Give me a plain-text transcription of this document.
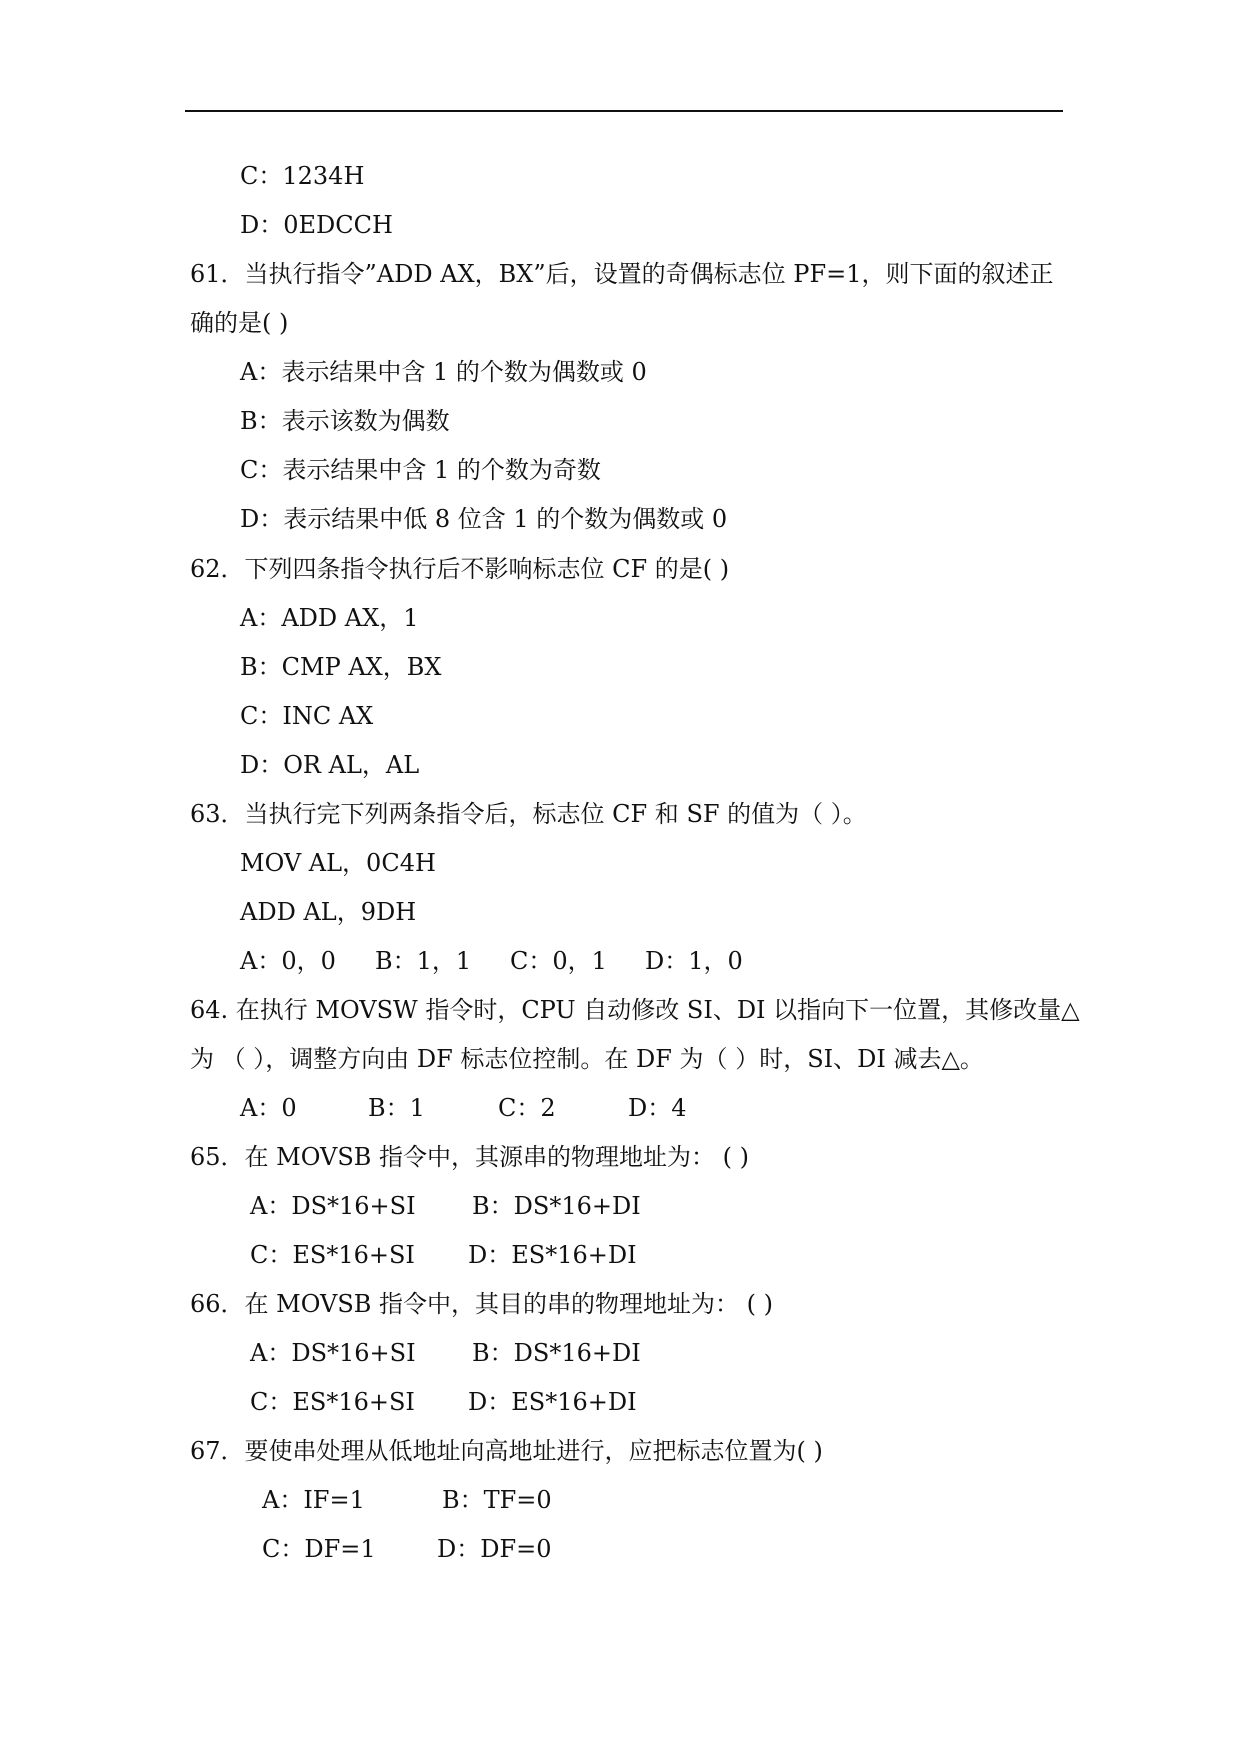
C：1234H
D：0EDCCH
61．当执行指令”ADD AX，BX”后，设置的奇偶标志位 PF=1，则下面的叙述正
确的是( )
A：表示结果中含 1 的个数为偶数或 0
B：表示该数为偶数
C：表示结果中含 1 的个数为奇数
D：表示结果中低 8 位含 1 的个数为偶数或 0
62．下列四条指令执行后不影响标志位 CF 的是( )
A：ADD AX，1
B：CMP AX，BX
C：INC AX
D：OR AL，AL
63．当执行完下列两条指令后，标志位 CF 和 SF 的值为（ ）。
MOV AL，0C4H
ADD AL，9DH
A：0，0 B：1，1 C：0，1 D：1，0
64. 在执行 MOVSW 指令时，CPU 自动修改 SI、DI 以指向下一位置，其修改量△
为 （ ），调整方向由 DF 标志位控制。在 DF 为（ ）时，SI、DI 减去△。
A：0	B：1	C：2	D：4
65．在 MOVSB 指令中，其源串的物理地址为： ( )
A：DS*16+SI B：DS*16+DI
C：ES*16+SI D：ES*16+DI
66．在 MOVSB 指令中，其目的串的物理地址为： ( )
A：DS*16+SI B：DS*16+DI
C：ES*16+SI D：ES*16+DI
67．要使串处理从低地址向高地址进行，应把标志位置为( )
A：IF=1	B：TF=0
C：DF=1	D：DF=0
